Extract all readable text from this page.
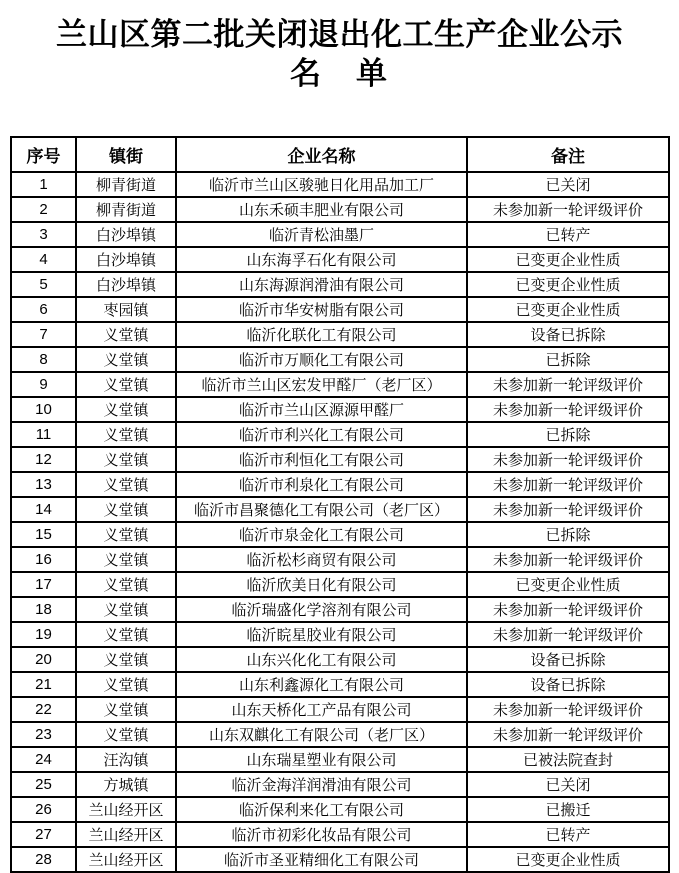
兰山区第二批关闭退出化工生产企业公示
名　单
序号	镇街	企业名称	备注
1	柳青街道	临沂市兰山区骏驰日化用品加工厂	已关闭
2	柳青街道	山东禾硕丰肥业有限公司	未参加新一轮评级评价
3	白沙埠镇	临沂青松油墨厂	已转产
4	白沙埠镇	山东海孚石化有限公司	已变更企业性质
5	白沙埠镇	山东海源润滑油有限公司	已变更企业性质
6	枣园镇	临沂市华安树脂有限公司	已变更企业性质
7	义堂镇	临沂化联化工有限公司	设备已拆除
8	义堂镇	临沂市万顺化工有限公司	已拆除
9	义堂镇	临沂市兰山区宏发甲醛厂（老厂区）	未参加新一轮评级评价
10	义堂镇	临沂市兰山区源源甲醛厂	未参加新一轮评级评价
11	义堂镇	临沂市利兴化工有限公司	已拆除
12	义堂镇	临沂市利恒化工有限公司	未参加新一轮评级评价
13	义堂镇	临沂市利泉化工有限公司	未参加新一轮评级评价
14	义堂镇	临沂市昌聚德化工有限公司（老厂区）	未参加新一轮评级评价
15	义堂镇	临沂市泉金化工有限公司	已拆除
16	义堂镇	临沂松杉商贸有限公司	未参加新一轮评级评价
17	义堂镇	临沂欣美日化有限公司	已变更企业性质
18	义堂镇	临沂瑞盛化学溶剂有限公司	未参加新一轮评级评价
19	义堂镇	临沂睆星胶业有限公司	未参加新一轮评级评价
20	义堂镇	山东兴化化工有限公司	设备已拆除
21	义堂镇	山东利鑫源化工有限公司	设备已拆除
22	义堂镇	山东天桥化工产品有限公司	未参加新一轮评级评价
23	义堂镇	山东双麒化工有限公司（老厂区）	未参加新一轮评级评价
24	汪沟镇	山东瑞星塑业有限公司	已被法院查封
25	方城镇	临沂金海洋润滑油有限公司	已关闭
26	兰山经开区	临沂保利来化工有限公司	已搬迁
27	兰山经开区	临沂市初彩化妆品有限公司	已转产
28	兰山经开区	临沂市圣亚精细化工有限公司	已变更企业性质
